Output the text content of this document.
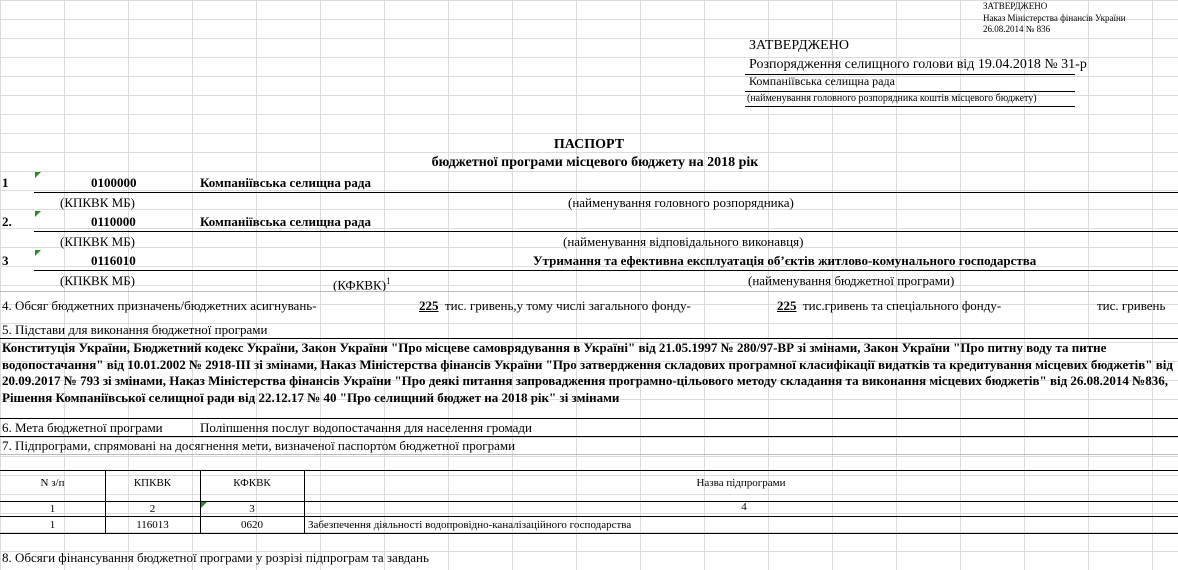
ЗАТВЕРДЖЕНО
Наказ Міністерства фінансів України
26.08.2014 № 836
ЗАТВЕРДЖЕНО
Розпорядження селищного голови від 19.04.2018 № 31-р
Компаніївська селищна рада
(найменування головного розпорядника коштів місцевого бюджету)
ПАСПОРТ
бюджетної програми місцевого бюджету на 2018 рік
1	0100000	Компаніївська селищна рада
(КПКВК МБ)	(найменування головного розпорядника)
2.	0110000	Компаніївська селищна рада
(КПКВК МБ)	(найменування відповідального виконавця)
3	0116010	Утримання та ефективна експлуатація об’єктів житлово-комунального господарства
(КПКВК МБ)	(КФКВК)$^1$	(найменування бюджетної програми)
4. Обсяг бюджетних призначень/бюджетних асигнувань-	225 тис. гривень,у тому числі загального фонду-	225 тис.гривень та спеціального фонду-	тис. гривень
5. Підстави для виконання бюджетної програми
Конституція України, Бюджетний кодекс України, Закон України "Про місцеве самоврядування в Україні" від 21.05.1997 № 280/97-ВР зі змінами, Закон України "Про питну воду та питне водопостачання" від 10.01.2002 № 2918-ІІІ зі змінами, Наказ Міністерства фінансів України "Про затвердження складових програмної класифікації видатків та кредитування місцевих бюджетів" від 20.09.2017 № 793 зі змінами, Наказ Міністерства фінансів України "Про деякі питання запровадження програмно-цільового методу складання та виконання місцевих бюджетів" від 26.08.2014 №836, Рішення Компаніївської селищної ради від 22.12.17 № 40 "Про селищний бюджет на 2018 рік" зі змінами
6. Мета бюджетної програми	Поліпшення послуг водопостачання для населення громади
7. Підпрограми, спрямовані на досягнення мети, визначеної паспортом бюджетної програми
N з/п	КПКВК	КФКВК	Назва підпрограми
1	2	3	4
1	116013	0620	Забезпечення діяльності водопровідно-каналізаційного господарства
8. Обсяги фінансування бюджетної програми у розрізі підпрограм та завдань
